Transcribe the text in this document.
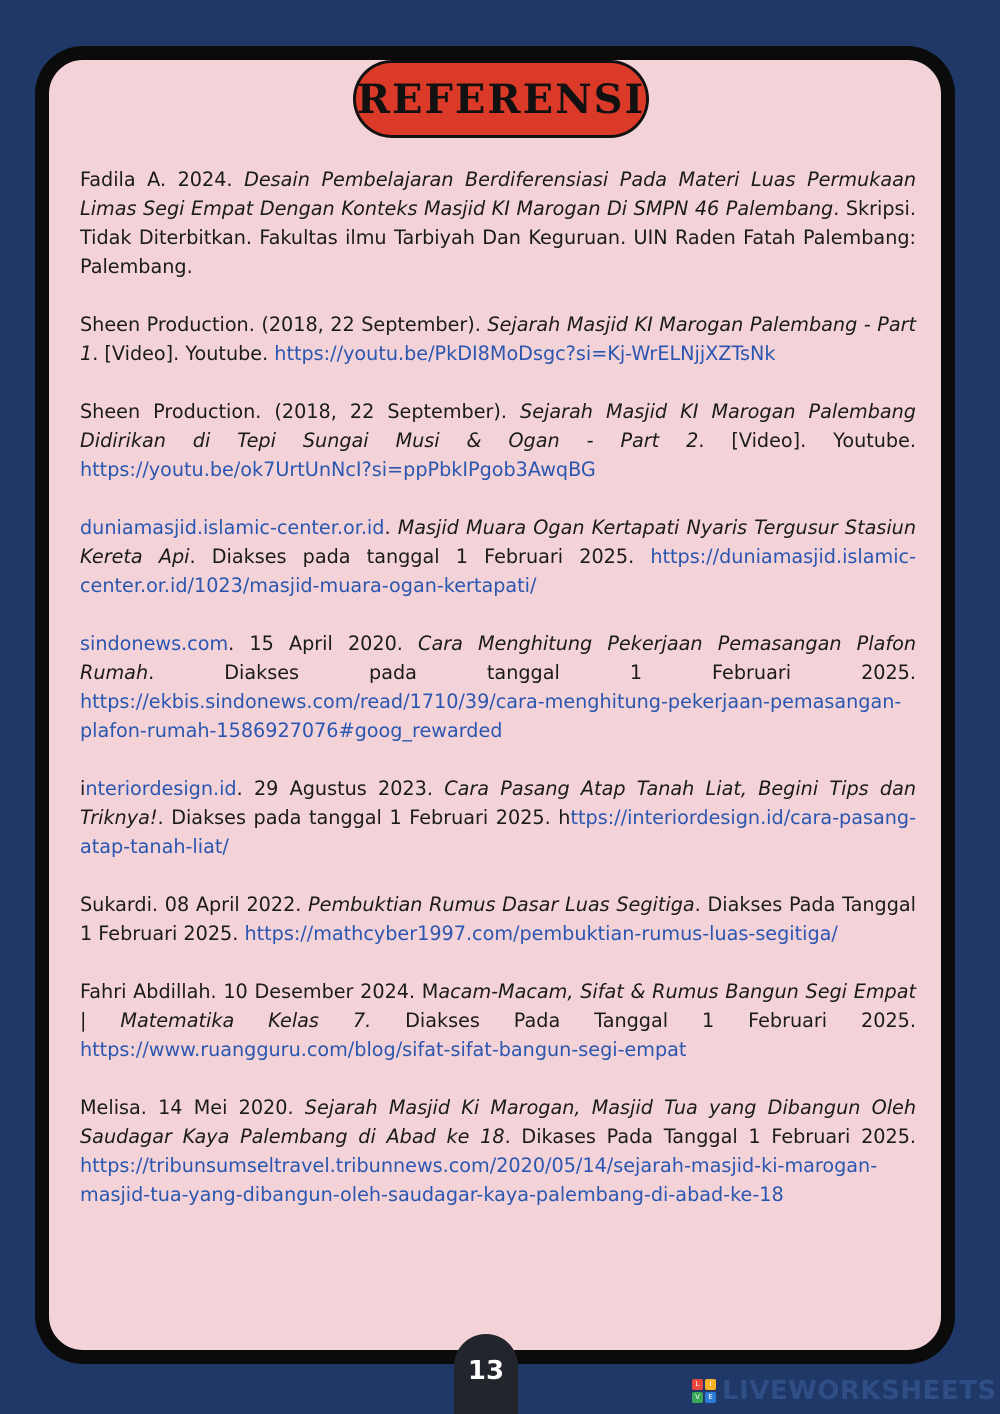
REFERENSI

Fadila A. 2024. Desain Pembelajaran Berdiferensiasi Pada Materi Luas Permukaan Limas Segi Empat Dengan Konteks Masjid KI Marogan Di SMPN 46 Palembang. Skripsi. Tidak Diterbitkan. Fakultas ilmu Tarbiyah Dan Keguruan. UIN Raden Fatah Palembang: Palembang.

Sheen Production. (2018, 22 September). Sejarah Masjid KI Marogan Palembang - Part 1. [Video]. Youtube. https://youtu.be/PkDI8MoDsgc?si=Kj-WrELNjjXZTsNk

Sheen Production. (2018, 22 September). Sejarah Masjid KI Marogan Palembang Didirikan di Tepi Sungai Musi & Ogan - Part 2. [Video]. Youtube. https://youtu.be/ok7UrtUnNcI?si=ppPbkIPgob3AwqBG

duniamasjid.islamic-center.or.id. Masjid Muara Ogan Kertapati Nyaris Tergusur Stasiun Kereta Api. Diakses pada tanggal 1 Februari 2025. https://duniamasjid.islamic-center.or.id/1023/masjid-muara-ogan-kertapati/

sindonews.com. 15 April 2020. Cara Menghitung Pekerjaan Pemasangan Plafon Rumah. Diakses pada tanggal 1 Februari 2025. https://ekbis.sindonews.com/read/1710/39/cara-menghitung-pekerjaan-pemasangan-plafon-rumah-1586927076#goog_rewarded

interiordesign.id. 29 Agustus 2023. Cara Pasang Atap Tanah Liat, Begini Tips dan Triknya!. Diakses pada tanggal 1 Februari 2025. https://interiordesign.id/cara-pasang-atap-tanah-liat/

Sukardi. 08 April 2022. Pembuktian Rumus Dasar Luas Segitiga. Diakses Pada Tanggal 1 Februari 2025. https://mathcyber1997.com/pembuktian-rumus-luas-segitiga/

Fahri Abdillah. 10 Desember 2024. Macam-Macam, Sifat & Rumus Bangun Segi Empat | Matematika Kelas 7. Diakses Pada Tanggal 1 Februari 2025. https://www.ruangguru.com/blog/sifat-sifat-bangun-segi-empat

Melisa. 14 Mei 2020. Sejarah Masjid Ki Marogan, Masjid Tua yang Dibangun Oleh Saudagar Kaya Palembang di Abad ke 18. Dikases Pada Tanggal 1 Februari 2025. https://tribunsumseltravel.tribunnews.com/2020/05/14/sejarah-masjid-ki-marogan-masjid-tua-yang-dibangun-oleh-saudagar-kaya-palembang-di-abad-ke-18

13	L	I
V	E LIVEWORKSHEETS
